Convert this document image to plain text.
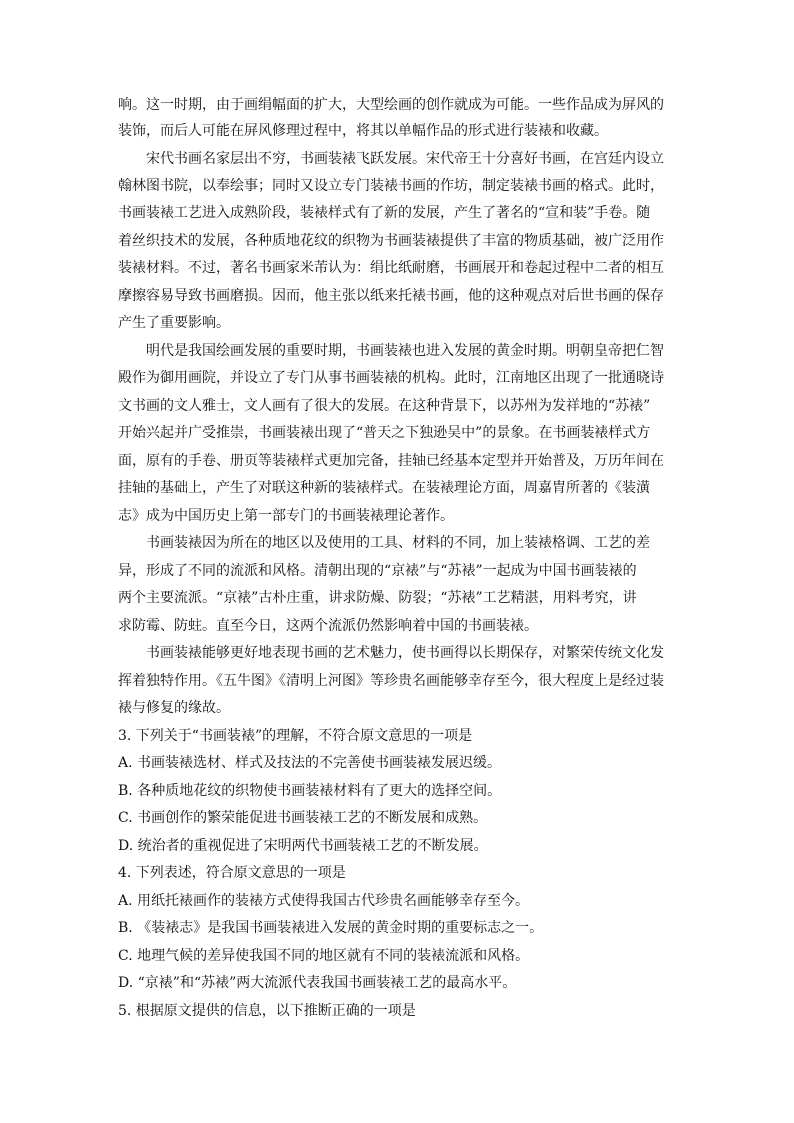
响。这一时期，由于画绢幅面的扩大，大型绘画的创作就成为可能。一些作品成为屏风的
装饰，而后人可能在屏风修理过程中，将其以单幅作品的形式进行装裱和收藏。
宋代书画名家层出不穷，书画装裱飞跃发展。宋代帝王十分喜好书画，在宫廷内设立
翰林图书院，以奉绘事；同时又设立专门装裱书画的作坊，制定装裱书画的格式。此时，
书画装裱工艺进入成熟阶段，装裱样式有了新的发展，产生了著名的“宣和装”手卷。随
着丝织技术的发展，各种质地花纹的织物为书画装裱提供了丰富的物质基础，被广泛用作
装裱材料。不过，著名书画家米芾认为：绢比纸耐磨，书画展开和卷起过程中二者的相互
摩擦容易导致书画磨损。因而，他主张以纸来托裱书画，他的这种观点对后世书画的保存
产生了重要影响。
明代是我国绘画发展的重要时期，书画装裱也进入发展的黄金时期。明朝皇帝把仁智
殿作为御用画院，并设立了专门从事书画装裱的机构。此时，江南地区出现了一批通晓诗
文书画的文人雅士，文人画有了很大的发展。在这种背景下，以苏州为发祥地的“苏裱”
开始兴起并广受推崇，书画装裱出现了“普天之下独逊吴中”的景象。在书画装裱样式方
面，原有的手卷、册页等装裱样式更加完备，挂轴已经基本定型并开始普及，万历年间在
挂轴的基础上，产生了对联这种新的装裱样式。在装裱理论方面，周嘉胄所著的《装潢
志》成为中国历史上第一部专门的书画装裱理论著作。
书画装裱因为所在的地区以及使用的工具、材料的不同，加上装裱格调、工艺的差
异，形成了不同的流派和风格。清朝出现的“京裱”与“苏裱”一起成为中国书画装裱的
两个主要流派。“京裱”古朴庄重，讲求防燥、防裂；“苏裱”工艺精湛，用料考究，讲
求防霉、防蛀。直至今日，这两个流派仍然影响着中国的书画装裱。
书画装裱能够更好地表现书画的艺术魅力，使书画得以长期保存，对繁荣传统文化发
挥着独特作用。《五牛图》《清明上河图》等珍贵名画能够幸存至今，很大程度上是经过装
裱与修复的缘故。
3. 下列关于“书画装裱”的理解，不符合原文意思的一项是
A. 书画装裱选材、样式及技法的不完善使书画装裱发展迟缓。
B. 各种质地花纹的织物使书画装裱材料有了更大的选择空间。
C. 书画创作的繁荣能促进书画装裱工艺的不断发展和成熟。
D. 统治者的重视促进了宋明两代书画装裱工艺的不断发展。
4. 下列表述，符合原文意思的一项是
A. 用纸托裱画作的装裱方式使得我国古代珍贵名画能够幸存至今。
B. 《装裱志》是我国书画装裱进入发展的黄金时期的重要标志之一。
C. 地理气候的差异使我国不同的地区就有不同的装裱流派和风格。
D. “京裱”和“苏裱”两大流派代表我国书画装裱工艺的最高水平。
5. 根据原文提供的信息，以下推断正确的一项是
